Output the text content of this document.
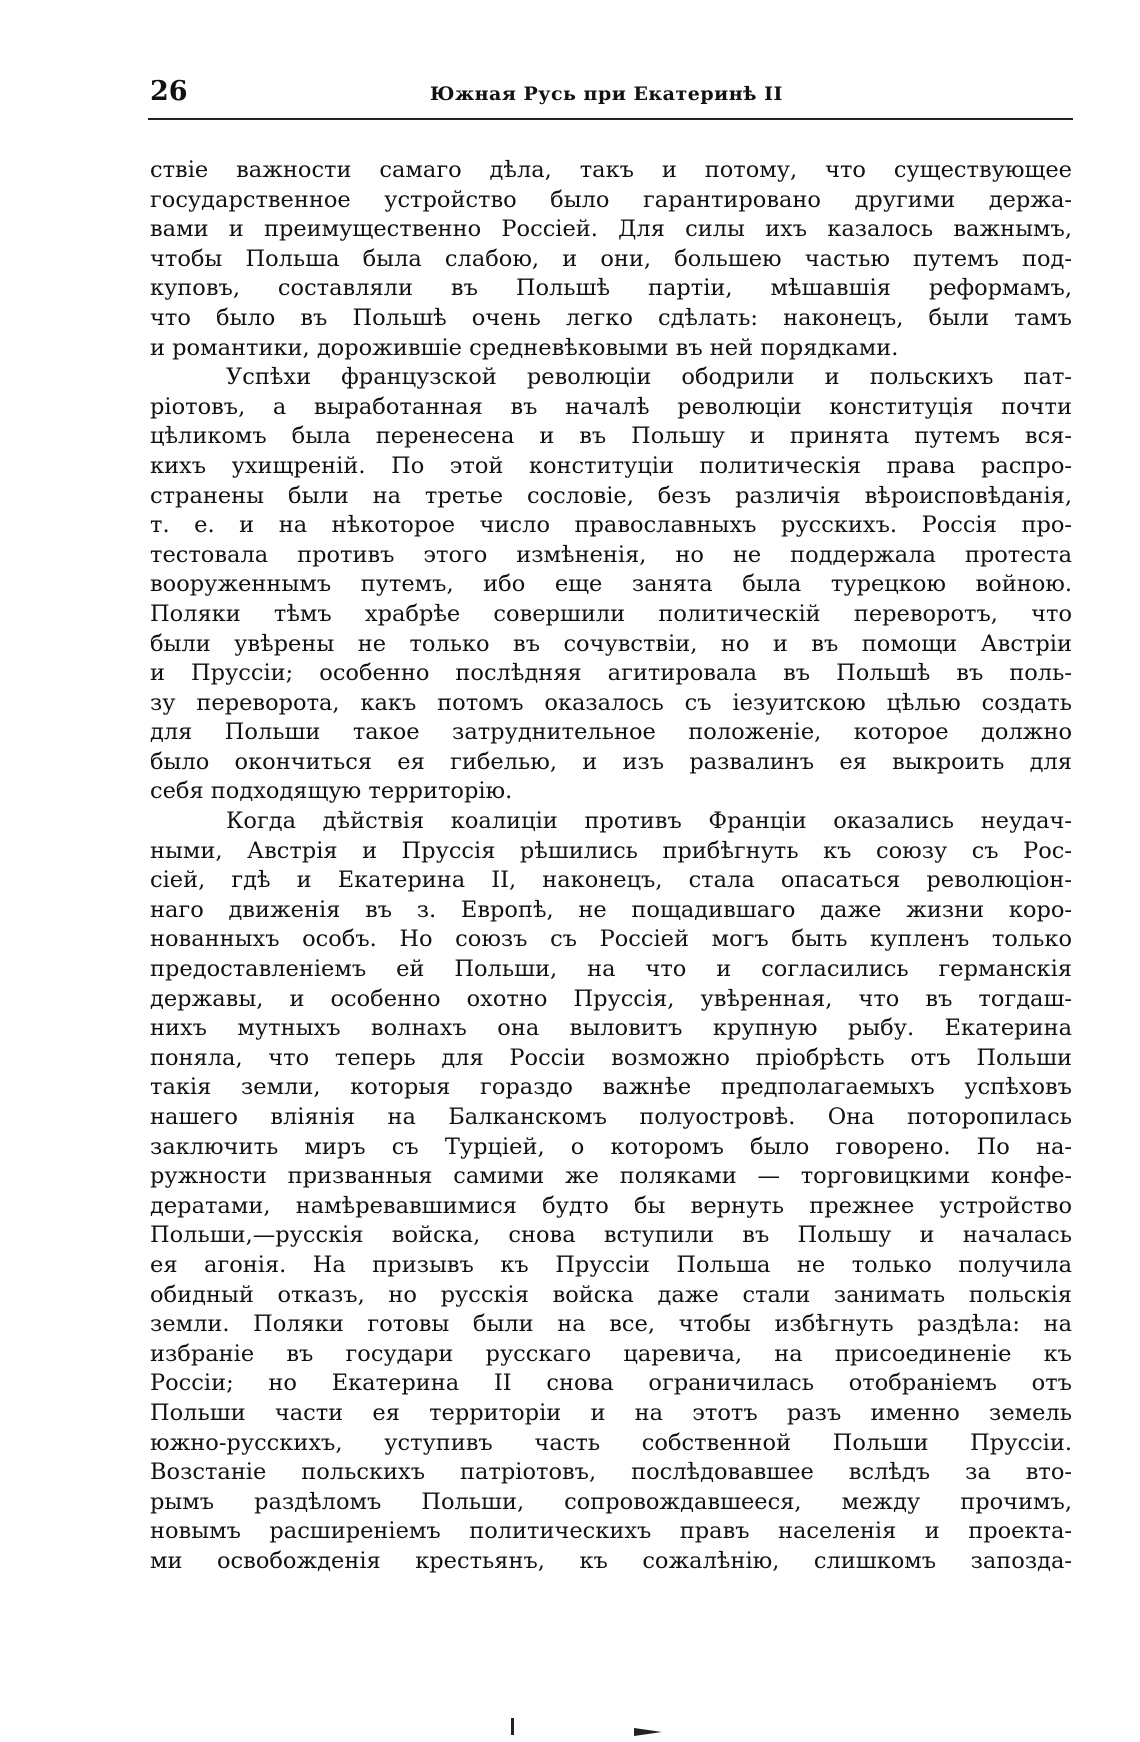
26	Южная Русь при Екатеринѣ II
ствіе важности самаго дѣла, такъ и потому, что существующее
государственное устройство было гарантировано другими держа-
вами и преимущественно Россіей. Для силы ихъ казалось важнымъ,
чтобы Польша была слабою, и они, большею частью путемъ под-
куповъ, составляли въ Польшѣ партіи, мѣшавшія реформамъ,
что было въ Польшѣ очень легко сдѣлать: наконецъ, были тамъ
и романтики, дорожившіе средневѣковыми въ ней порядками.
Успѣхи французской революціи ободрили и польскихъ пат-
ріотовъ, а выработанная въ началѣ революціи конституція почти
цѣликомъ была перенесена и въ Польшу и принята путемъ вся-
кихъ ухищреній. По этой конституціи политическія права распро-
странены были на третье сословіе, безъ различія вѣроисповѣданія,
т. е. и на нѣкоторое число православныхъ русскихъ. Россія про-
тестовала противъ этого измѣненія, но не поддержала протеста
вооруженнымъ путемъ, ибо еще занята была турецкою войною.
Поляки тѣмъ храбрѣе совершили политическій переворотъ, что
были увѣрены не только въ сочувствіи, но и въ помощи Австріи
и Пруссіи; особенно послѣдняя агитировала въ Польшѣ въ поль-
зу переворота, какъ потомъ оказалось съ іезуитскою цѣлью создать
для Польши такое затруднительное положеніе, которое должно
было окончиться ея гибелью, и изъ развалинъ ея выкроить для
себя подходящую территорію.
Когда дѣйствія коалиціи противъ Франціи оказались неудач-
ными, Австрія и Пруссія рѣшились прибѣгнуть къ союзу съ Рос-
сіей, гдѣ и Екатерина II, наконецъ, стала опасаться революціон-
наго движенія въ з. Европѣ, не пощадившаго даже жизни коро-
нованныхъ особъ. Но союзъ съ Россіей могъ быть купленъ только
предоставленіемъ ей Польши, на что и согласились германскія
державы, и особенно охотно Пруссія, увѣренная, что въ тогдаш-
нихъ мутныхъ волнахъ она выловитъ крупную рыбу. Екатерина
поняла, что теперь для Россіи возможно пріобрѣсть отъ Польши
такія земли, которыя гораздо важнѣе предполагаемыхъ успѣховъ
нашего вліянія на Балканскомъ полуостровѣ. Она поторопилась
заключить миръ съ Турціей, о которомъ было говорено. По на-
ружности призванныя самими же поляками — торговицкими конфе-
дератами, намѣревавшимися будто бы вернуть прежнее устройство
Польши,—русскія войска, снова вступили въ Польшу и началась
ея агонія. На призывъ къ Пруссіи Польша не только получила
обидный отказъ, но русскія войска даже стали занимать польскія
земли. Поляки готовы были на все, чтобы избѣгнуть раздѣла: на
избраніе въ государи русскаго царевича, на присоединеніе къ
Россіи; но Екатерина II снова ограничилась отобраніемъ отъ
Польши части ея территоріи и на этотъ разъ именно земель
южно-русскихъ, уступивъ часть собственной Польши Пруссіи.
Возстаніе польскихъ патріотовъ, послѣдовавшее вслѣдъ за вто-
рымъ раздѣломъ Польши, сопровождавшееся, между прочимъ,
новымъ расширеніемъ политическихъ правъ населенія и проекта-
ми освобожденія крестьянъ, къ сожалѣнію, слишкомъ запозда-
